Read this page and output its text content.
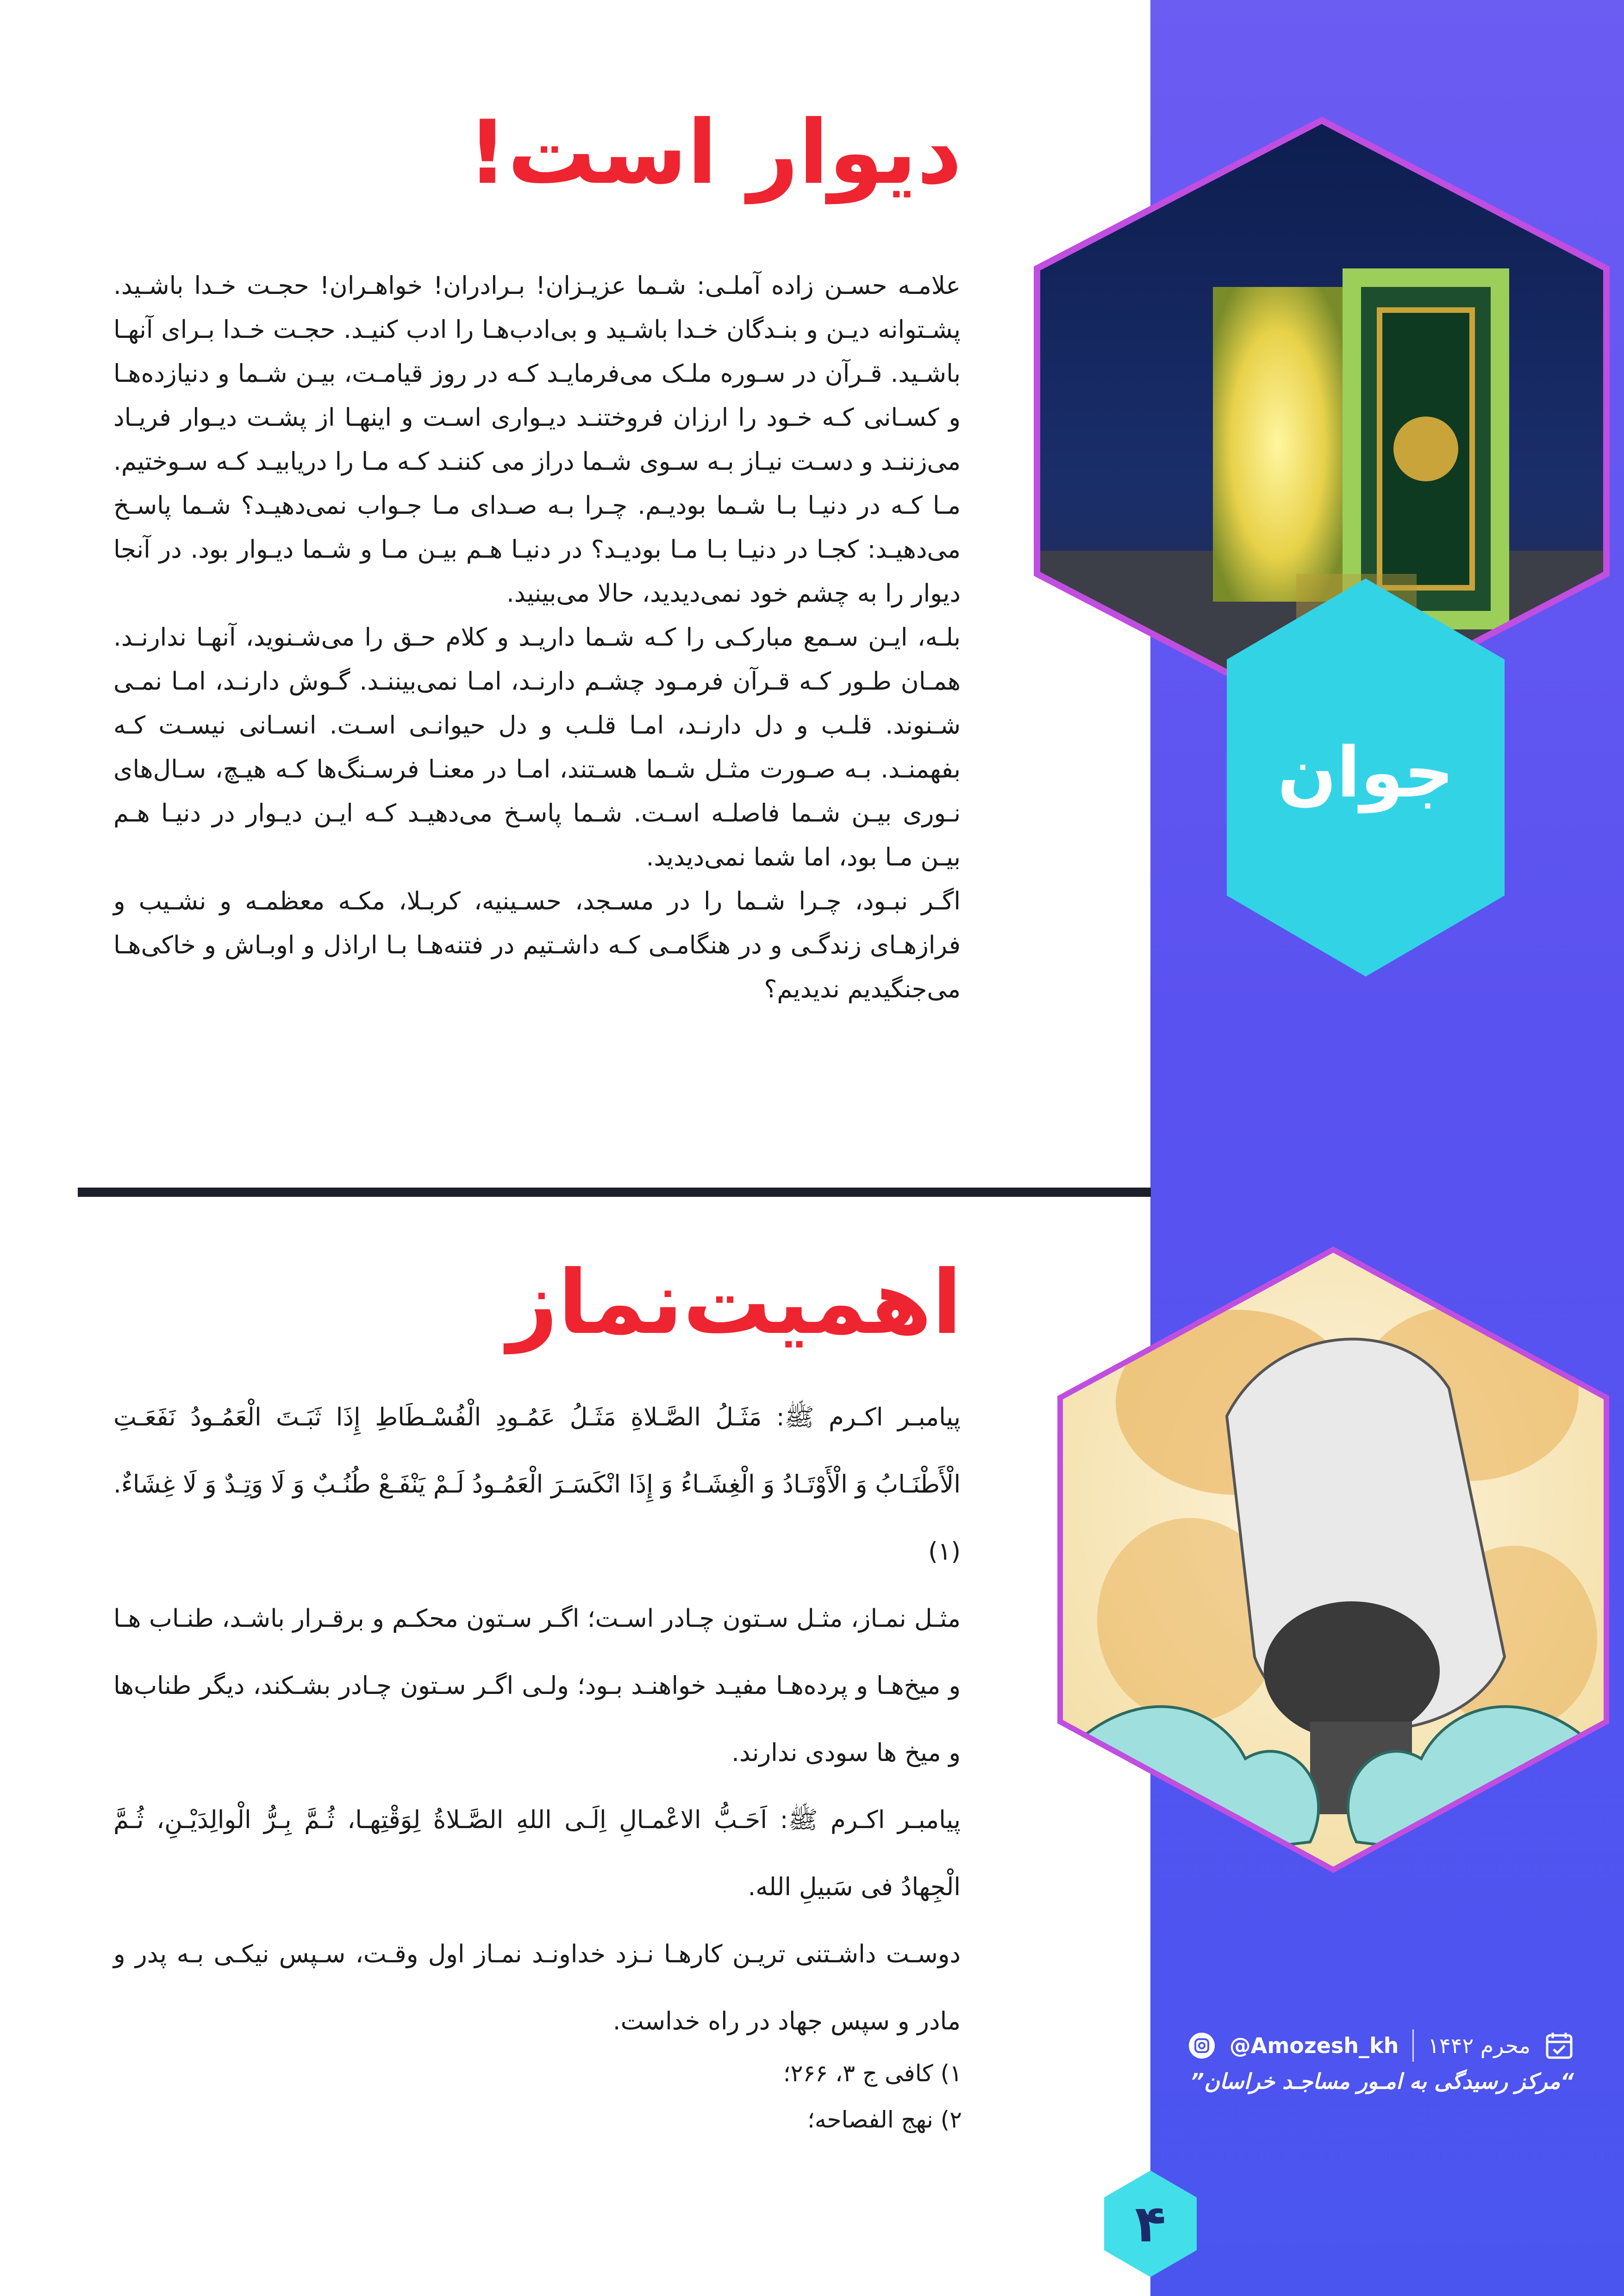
دیوار است!

علامـه حسـن زاده آملـی: شـما عزیـزان! بـرادران! خواهـران! حجـت خـدا باشـید. پشـتوانه دیـن و بنـدگان خـدا باشـید و بی‌ادب‌هـا را ادب کنیـد. حجـت خـدا بـرای آنهـا باشـید. قـرآن در سـوره ملـک می‌فرمایـد کـه در روز قیامـت، بیـن شـما و دنیازده‌هـا و کسـانی کـه خـود را ارزان فروختنـد دیـواری اسـت و اینهـا از پشـت دیـوار فریـاد می‌زننـد و دسـت نیـاز بـه سـوی شـما دراز می کننـد کـه مـا را دریابیـد کـه سـوختیم. مـا کـه در دنیـا بـا شـما بودیـم. چـرا بـه صـدای مـا جـواب نمی‌دهیـد؟ شـما پاسـخ می‌دهیـد: کجـا در دنیـا بـا مـا بودیـد؟ در دنیـا هـم بیـن مـا و شـما دیـوار بود. در آنجا دیوار را به چشم خود نمی‌دیدید، حالا می‌بینید.

بلـه، ایـن سـمع مبارکـی را کـه شـما داریـد و کلام حـق را می‌شـنوید، آنهـا ندارنـد. همـان طـور کـه قـرآن فرمـود چشـم دارنـد، امـا نمی‌بیننـد. گـوش دارنـد، امـا نمـی شـنوند. قلـب و دل دارنـد، امـا قلـب و دل حیوانـی اسـت. انسـانی نیسـت کـه بفهمنـد. بـه صـورت مثـل شـما هسـتند، امـا در معنـا فرسـنگ‌ها کـه هیـچ، سـال‌های نـوری بیـن شـما فاصلـه اسـت. شـما پاسـخ می‌دهیـد کـه ایـن دیـوار در دنیـا هـم بیـن مـا بود، اما شما نمی‌دیدید.

اگـر نبـود، چـرا شـما را در مسـجد، حسـینیه، کربـلا، مکـه معظمـه و نشـیب و فرازهـای زندگـی و در هنگامـی کـه داشـتیم در فتنه‌هـا بـا اراذل و اوبـاش و خاکی‌هـا می‌جنگیدیم ندیدیم؟

جوان
اهمیت‌نماز

پیامبـر اکـرم ﷺ: مَثَـلُ الصَّـلاةِ مَثَـلُ عَمُـودِ الْفُسْـطَاطِ إِذَا ثَبَـتَ الْعَمُـودُ نَفَعَـتِ الْأَطْنَـابُ وَ الْأَوْتَـادُ وَ الْغِشَـاءُ وَ إِذَا انْكَسَـرَ الْعَمُـودُ لَـمْ يَنْفَـعْ طُنُـبٌ وَ لَا وَتِـدٌ وَ لَا غِشَاءٌ. (۱)

مثـل نمـاز، مثـل سـتون چـادر اسـت؛ اگـر سـتون محکـم و برقـرار باشـد، طنـاب هـا و میخ‌هـا و پرده‌هـا مفیـد خواهنـد بـود؛ ولـی اگـر سـتون چـادر بشـکند، دیگر طناب‌ها و میخ ها سودی ندارند.

پیامبـر اکـرم ﷺ: اَحَـبُّ الاعْمـالِ اِلَـی اللهِ الصَّـلاةُ لِوَقْتِهـا، ثُـمَّ بِـرُّ الْوالِدَیْـنِ، ثُـمَّ الْجِهادُ فی سَبیلِ الله.

دوسـت داشـتنی تریـن کارهـا نـزد خداونـد نمـاز اول وقـت، سـپس نیکـی بـه پدر و مادر و سپس جهاد در راه خداست.

۱) کافی ج ۳، ۲۶۶؛
۲) نهج الفصاحه؛
محرم ۱۴۴۲
@Amozesh_kh
“مرکز رسیدگی به امـور مساجـد خراسان”
۴
